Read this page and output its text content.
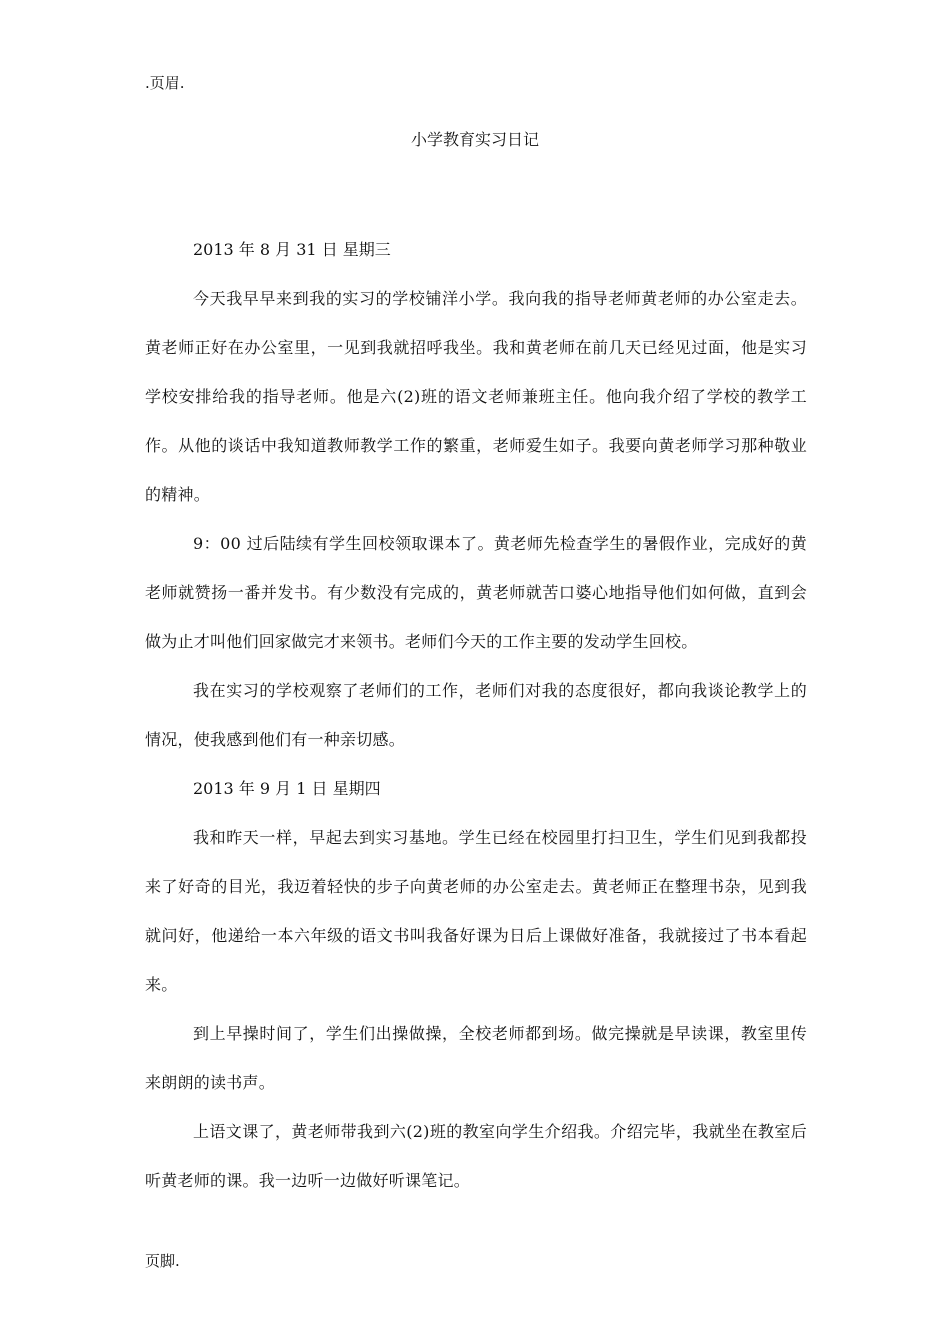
.页眉.
小学教育实习日记

2013 年 8 月 31 日 星期三

今天我早早来到我的实习的学校铺洋小学。我向我的指导老师黄老师的办公室走去。黄老师正好在办公室里，一见到我就招呼我坐。我和黄老师在前几天已经见过面，他是实习学校安排给我的指导老师。他是六(2)班的语文老师兼班主任。他向我介绍了学校的教学工作。从他的谈话中我知道教师教学工作的繁重，老师爱生如子。我要向黄老师学习那种敬业的精神。

9：00 过后陆续有学生回校领取课本了。黄老师先检查学生的暑假作业，完成好的黄老师就赞扬一番并发书。有少数没有完成的，黄老师就苦口婆心地指导他们如何做，直到会做为止才叫他们回家做完才来领书。老师们今天的工作主要的发动学生回校。

我在实习的学校观察了老师们的工作，老师们对我的态度很好，都向我谈论教学上的情况，使我感到他们有一种亲切感。

2013 年 9 月 1 日 星期四

我和昨天一样，早起去到实习基地。学生已经在校园里打扫卫生，学生们见到我都投来了好奇的目光，我迈着轻快的步子向黄老师的办公室走去。黄老师正在整理书杂，见到我就问好，他递给一本六年级的语文书叫我备好课为日后上课做好准备，我就接过了书本看起来。

到上早操时间了，学生们出操做操，全校老师都到场。做完操就是早读课，教室里传来朗朗的读书声。

上语文课了，黄老师带我到六(2)班的教室向学生介绍我。介绍完毕，我就坐在教室后听黄老师的课。我一边听一边做好听课笔记。

页脚.
